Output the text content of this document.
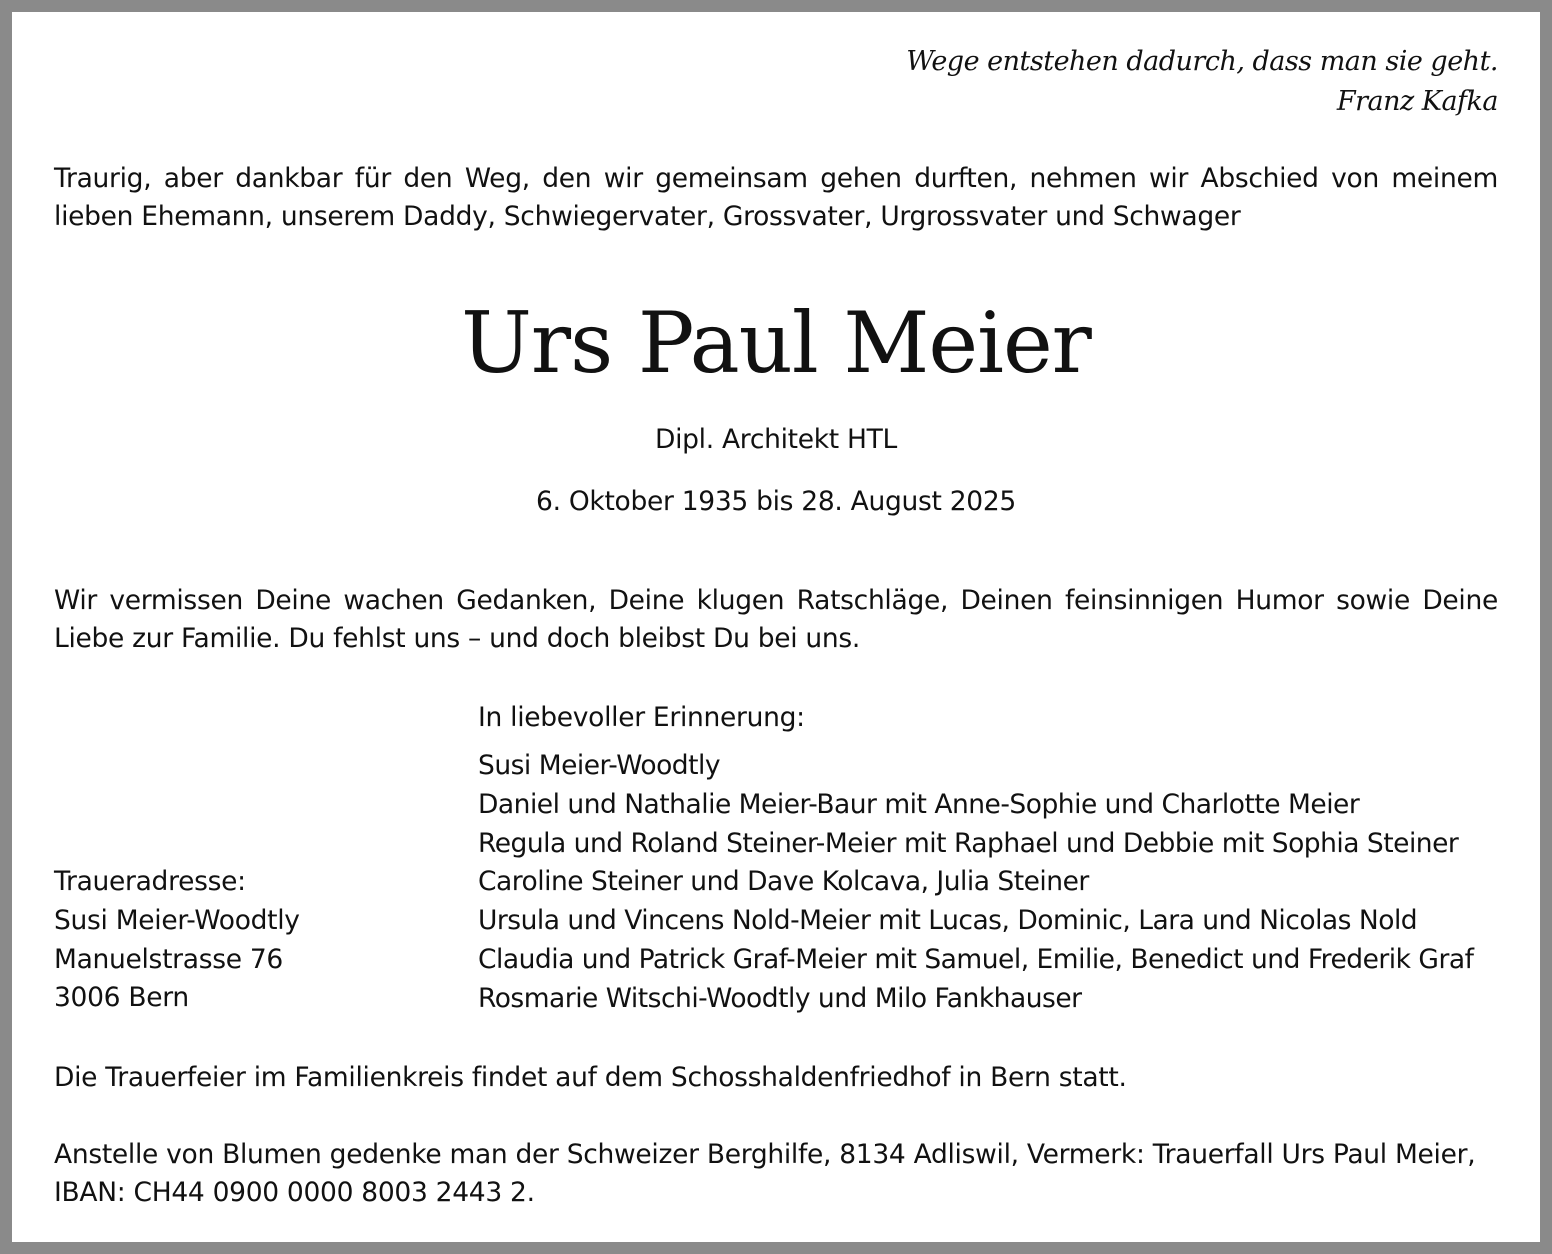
Wege entstehen dadurch, dass man sie geht.
Franz Kafka
Traurig, aber dankbar für den Weg, den wir gemeinsam gehen durften, nehmen wir Abschied von meinem lieben Ehemann, unserem Daddy, Schwiegervater, Grossvater, Urgrossvater und Schwager
Urs Paul Meier
Dipl. Architekt HTL
6. Oktober 1935 bis 28. August 2025
Wir vermissen Deine wachen Gedanken, Deine klugen Ratschläge, Deinen feinsinnigen Humor sowie Deine Liebe zur Familie. Du fehlst uns – und doch bleibst Du bei uns.
In liebevoller Erinnerung:
Susi Meier-Woodtly
Daniel und Nathalie Meier-Baur mit Anne-Sophie und Charlotte Meier
Regula und Roland Steiner-Meier mit Raphael und Debbie mit Sophia Steiner
Caroline Steiner und Dave Kolcava, Julia Steiner
Ursula und Vincens Nold-Meier mit Lucas, Dominic, Lara und Nicolas Nold
Claudia und Patrick Graf-Meier mit Samuel, Emilie, Benedict und Frederik Graf
Rosmarie Witschi-Woodtly und Milo Fankhauser
Traueradresse:
Susi Meier-Woodtly
Manuelstrasse 76
3006 Bern
Die Trauerfeier im Familienkreis findet auf dem Schosshaldenfriedhof in Bern statt.
Anstelle von Blumen gedenke man der Schweizer Berghilfe, 8134 Adliswil, Vermerk: Trauerfall Urs Paul Meier,
IBAN: CH44 0900 0000 8003 2443 2.
